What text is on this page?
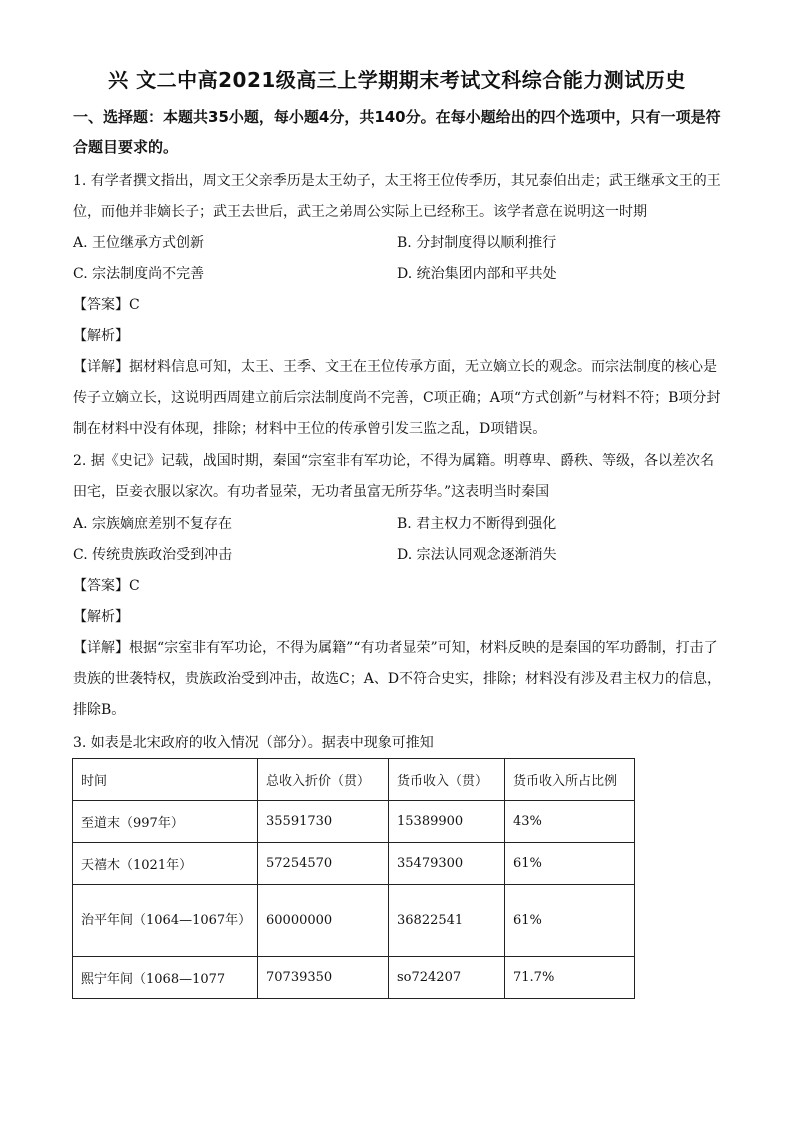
兴 文二中高2021级高三上学期期末考试文科综合能力测试历史
一、选择题：本题共35小题，每小题4分，共140分。在每小题给出的四个选项中，只有一项是符合题目要求的。
1. 有学者撰文指出，周文王父亲季历是太王幼子，太王将王位传季历，其兄泰伯出走；武王继承文王的王位，而他并非嫡长子；武王去世后，武王之弟周公实际上已经称王。该学者意在说明这一时期
A. 王位继承方式创新	B. 分封制度得以顺利推行
C. 宗法制度尚不完善	D. 统治集团内部和平共处
【答案】C
【解析】
【详解】据材料信息可知，太王、王季、文王在王位传承方面，无立嫡立长的观念。而宗法制度的核心是传子立嫡立长，这说明西周建立前后宗法制度尚不完善，C项正确；A项“方式创新”与材料不符；B项分封制在材料中没有体现，排除；材料中王位的传承曾引发三监之乱，D项错误。
2. 据《史记》记载，战国时期，秦国“宗室非有军功论，不得为属籍。明尊卑、爵秩、等级，各以差次名田宅，臣妾衣服以家次。有功者显荣，无功者虽富无所芬华。”这表明当时秦国
A. 宗族嫡庶差别不复存在	B. 君主权力不断得到强化
C. 传统贵族政治受到冲击	D. 宗法认同观念逐渐消失
【答案】C
【解析】
【详解】根据“宗室非有军功论，不得为属籍”“有功者显荣”可知，材料反映的是秦国的军功爵制，打击了贵族的世袭特权，贵族政治受到冲击，故选C；A、D不符合史实，排除；材料没有涉及君主权力的信息，排除B。
3. 如表是北宋政府的收入情况（部分）。据表中现象可推知
时间	总收入折价（贯）	货币收入（贯）	货币收入所占比例
至道末（997年）	35591730	15389900	43%
天禧木（1021年）	57254570	35479300	61%
治平年间（1064—1067年）	60000000	36822541	61%
熙宁年间（1068—1077	70739350	so724207	71.7%
